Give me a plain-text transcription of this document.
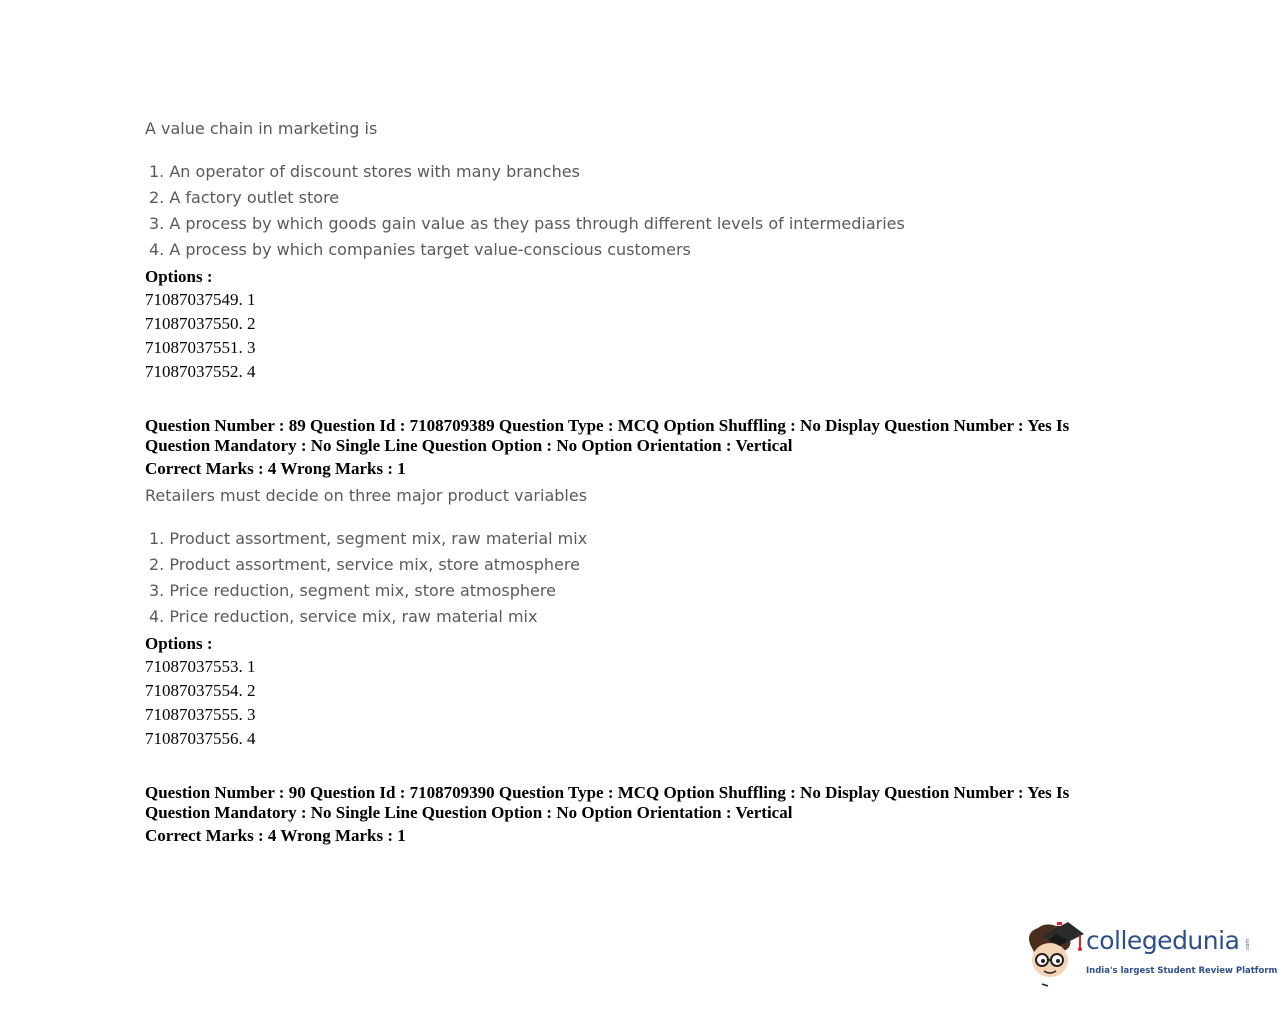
A value chain in marketing is
1. An operator of discount stores with many branches
2. A factory outlet store
3. A process by which goods gain value as they pass through different levels of intermediaries
4. A process by which companies target value-conscious customers
Options :
71087037549. 1
71087037550. 2
71087037551. 3
71087037552. 4
Question Number : 89 Question Id : 7108709389 Question Type : MCQ Option Shuffling : No Display Question Number : Yes Is
Question Mandatory : No Single Line Question Option : No Option Orientation : Vertical
Correct Marks : 4 Wrong Marks : 1
Retailers must decide on three major product variables
1. Product assortment, segment mix, raw material mix
2. Product assortment, service mix, store atmosphere
3. Price reduction, segment mix, store atmosphere
4. Price reduction, service mix, raw material mix
Options :
71087037553. 1
71087037554. 2
71087037555. 3
71087037556. 4
Question Number : 90 Question Id : 7108709390 Question Type : MCQ Option Shuffling : No Display Question Number : Yes Is
Question Mandatory : No Single Line Question Option : No Option Orientation : Vertical
Correct Marks : 4 Wrong Marks : 1
collegedunia .com
India's largest Student Review Platform
